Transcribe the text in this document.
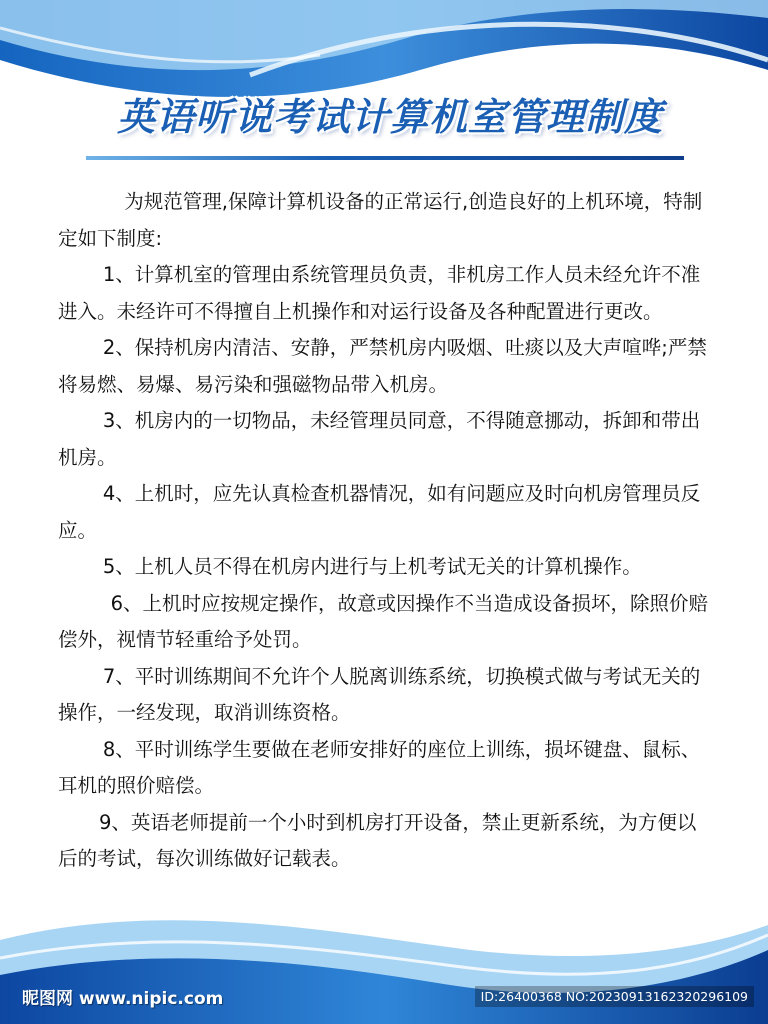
英语听说考试计算机室管理制度

为规范管理,保障计算机设备的正常运行,创造良好的上机环境，特制定如下制度:

1、计算机室的管理由系统管理员负责，非机房工作人员未经允许不准进入。未经许可不得擅自上机操作和对运行设备及各种配置进行更改。

2、保持机房内清洁、安静，严禁机房内吸烟、吐痰以及大声喧哗;严禁将易燃、易爆、易污染和强磁物品带入机房。

3、机房内的一切物品，未经管理员同意，不得随意挪动，拆卸和带出机房。

4、上机时，应先认真检查机器情况，如有问题应及时向机房管理员反应。

5、上机人员不得在机房内进行与上机考试无关的计算机操作。

6、上机时应按规定操作，故意或因操作不当造成设备损坏，除照价赔偿外，视情节轻重给予处罚。

7、平时训练期间不允许个人脱离训练系统，切换模式做与考试无关的操作，一经发现，取消训练资格。

8、平时训练学生要做在老师安排好的座位上训练，损坏键盘、鼠标、耳机的照价赔偿。

9、英语老师提前一个小时到机房打开设备，禁止更新系统，为方便以后的考试，每次训练做好记载表。

昵图网 www.nipic.com	ID:26400368 NO:20230913162320296109
